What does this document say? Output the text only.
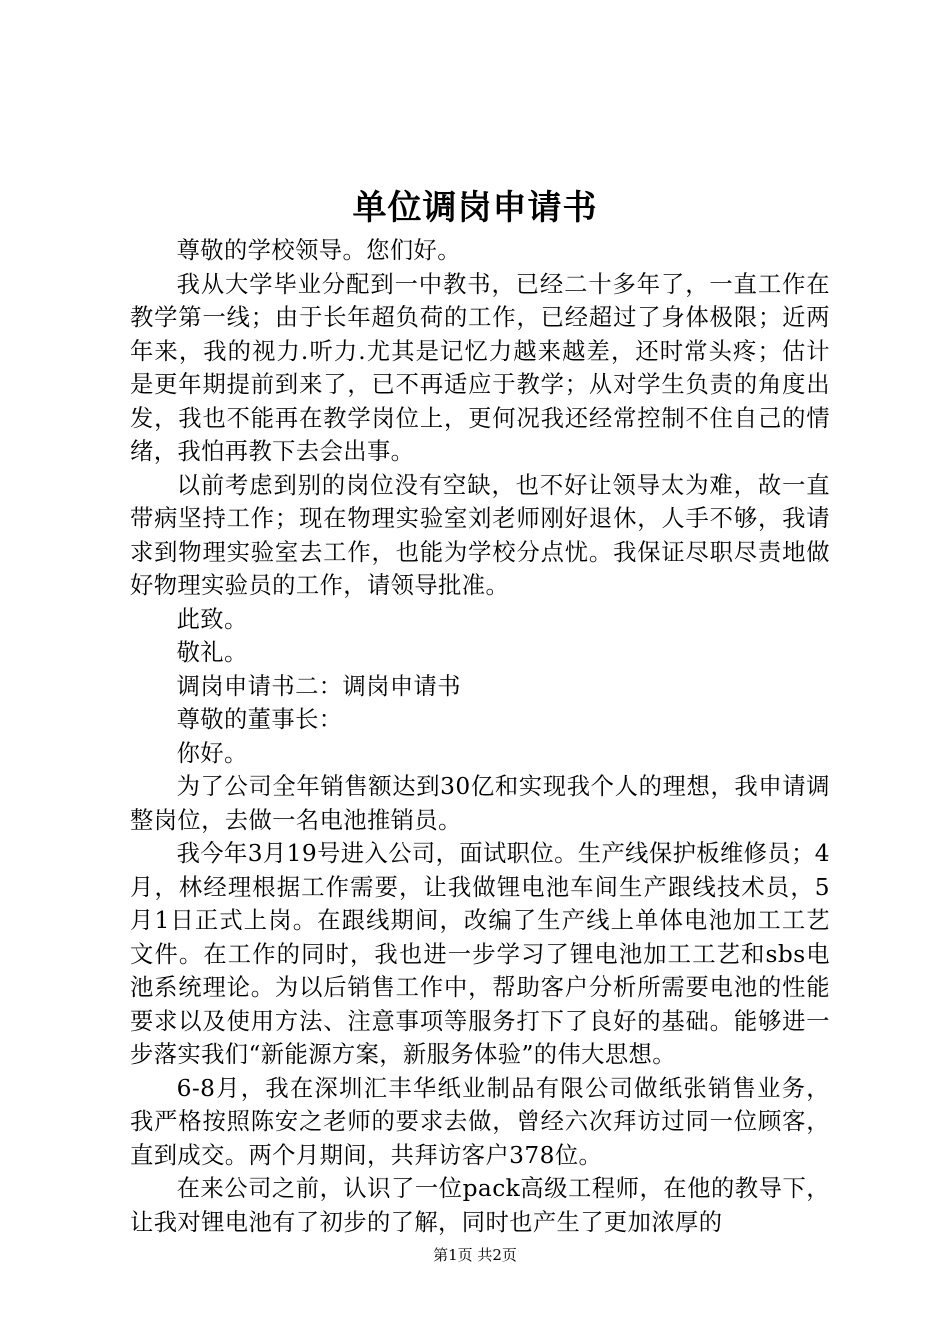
单位调岗申请书

尊敬的学校领导。您们好。

我从大学毕业分配到一中教书，已经二十多年了，一直工作在教学第一线；由于长年超负荷的工作，已经超过了身体极限；近两年来，我的视力.听力.尤其是记忆力越来越差，还时常头疼；估计是更年期提前到来了，已不再适应于教学；从对学生负责的角度出发，我也不能再在教学岗位上，更何况我还经常控制不住自己的情绪，我怕再教下去会出事。

以前考虑到别的岗位没有空缺，也不好让领导太为难，故一直带病坚持工作；现在物理实验室刘老师刚好退休，人手不够，我请求到物理实验室去工作，也能为学校分点忧。我保证尽职尽责地做好物理实验员的工作，请领导批准。

此致。

敬礼。

调岗申请书二：调岗申请书

尊敬的董事长：

你好。

为了公司全年销售额达到30亿和实现我个人的理想，我申请调整岗位，去做一名电池推销员。

我今年3月19号进入公司，面试职位。生产线保护板维修员；4月，林经理根据工作需要，让我做锂电池车间生产跟线技术员，5月1日正式上岗。在跟线期间，改编了生产线上单体电池加工工艺文件。在工作的同时，我也进一步学习了锂电池加工工艺和sbs电池系统理论。为以后销售工作中，帮助客户分析所需要电池的性能要求以及使用方法、注意事项等服务打下了良好的基础。能够进一步落实我们“新能源方案，新服务体验”的伟大思想。

6-8月，我在深圳汇丰华纸业制品有限公司做纸张销售业务，我严格按照陈安之老师的要求去做，曾经六次拜访过同一位顾客，直到成交。两个月期间，共拜访客户378位。

在来公司之前，认识了一位pack高级工程师，在他的教导下，让我对锂电池有了初步的了解，同时也产生了更加浓厚的

第1页 共2页
